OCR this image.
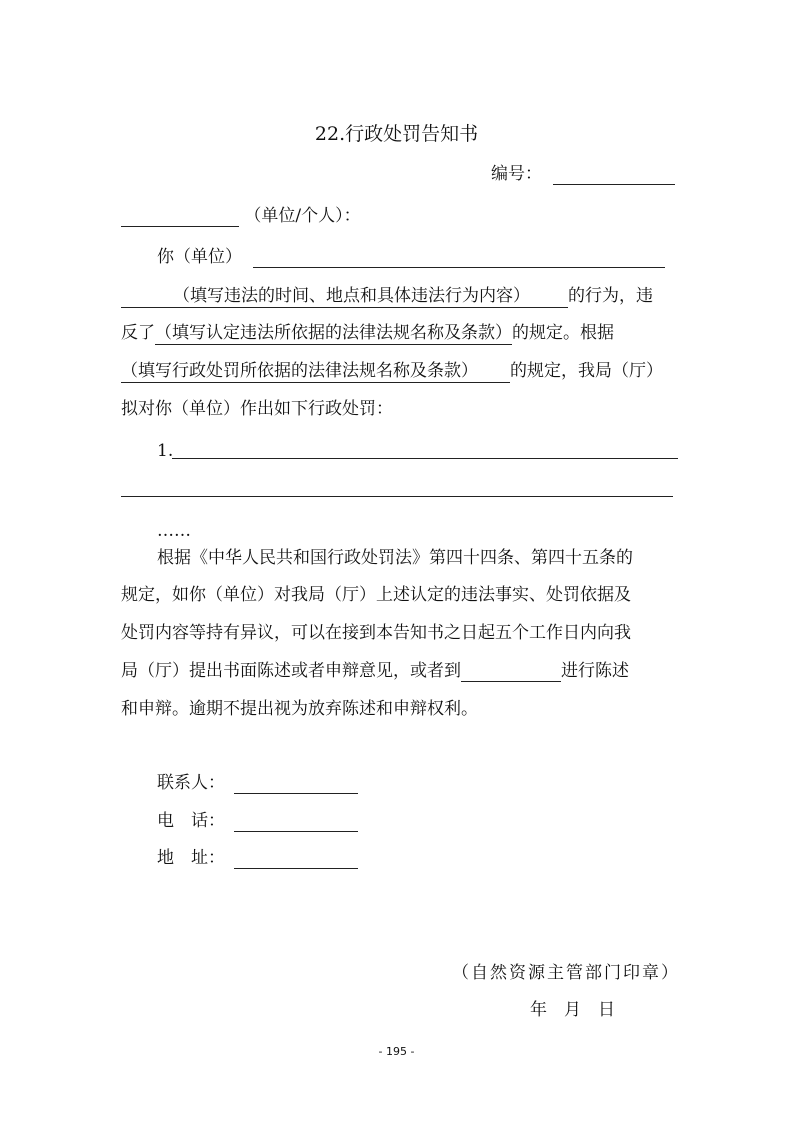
22.行政处罚告知书
编号：
（单位/个人）：
你（单位）
（填写违法的时间、地点和具体违法行为内容） 的行为，违
反了（填写认定违法所依据的法律法规名称及条款）的规定。根据
（填写行政处罚所依据的法律法规名称及条款） 的规定，我局（厅）
拟对你（单位）作出如下行政处罚：
1.
……
根据《中华人民共和国行政处罚法》第四十四条、第四十五条的
规定，如你（单位）对我局（厅）上述认定的违法事实、处罚依据及
处罚内容等持有异议，可以在接到本告知书之日起五个工作日内向我
局（厅）提出书面陈述或者申辩意见，或者到	进行陈述
和申辩。逾期不提出视为放弃陈述和申辩权利。
联系人：
电　话：
地　址：
（自然资源主管部门印章）
年　月　日
- 195 -
